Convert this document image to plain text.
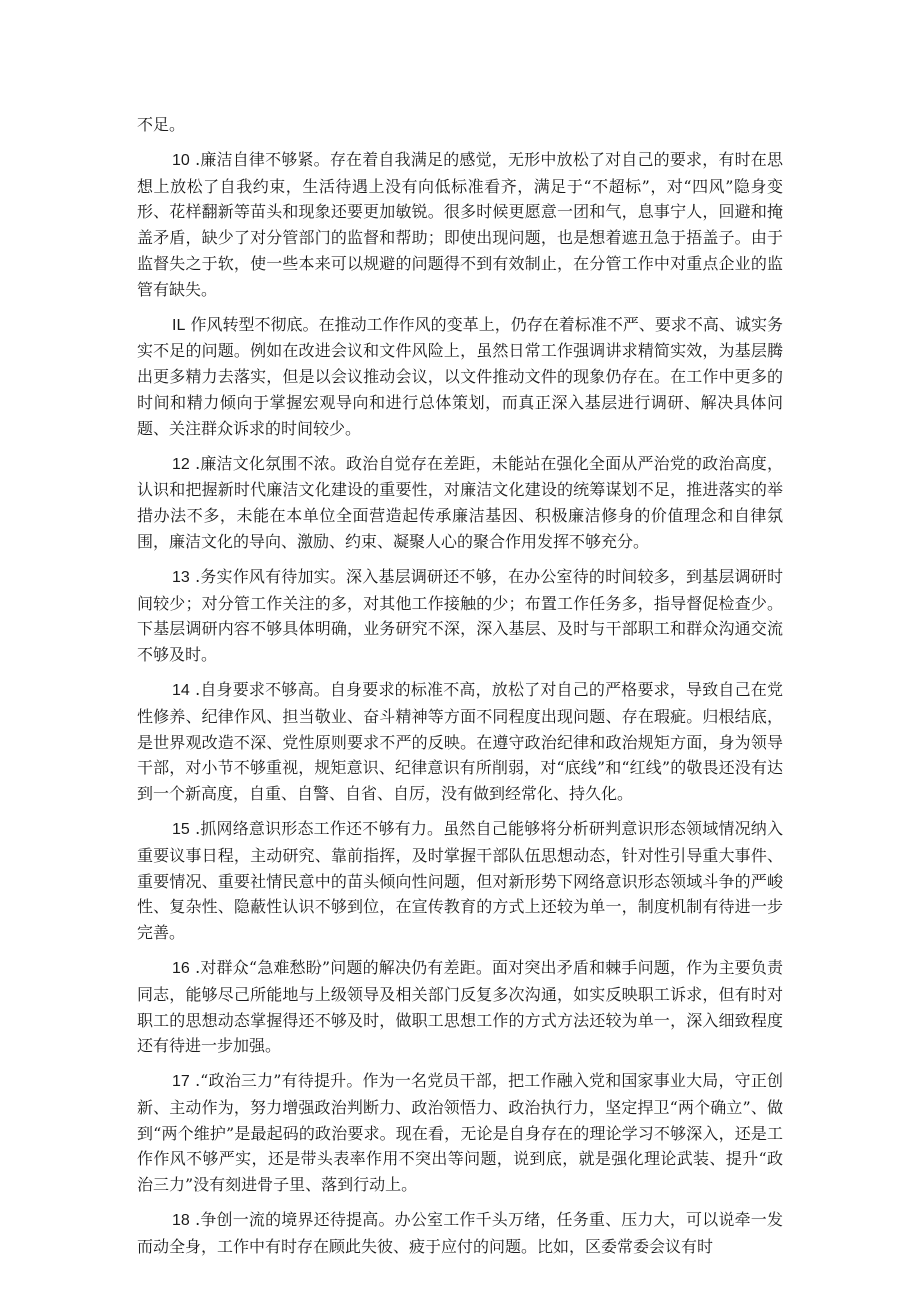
不足。

10 .廉洁自律不够紧。存在着自我满足的感觉，无形中放松了对自己的要求，有时在思想上放松了自我约束，生活待遇上没有向低标准看齐，满足于“不超标”，对“四风”隐身变形、花样翻新等苗头和现象还要更加敏锐。很多时候更愿意一团和气，息事宁人，回避和掩盖矛盾，缺少了对分管部门的监督和帮助；即使出现问题，也是想着遮丑急于捂盖子。由于监督失之于软，使一些本来可以规避的问题得不到有效制止，在分管工作中对重点企业的监管有缺失。

IL 作风转型不彻底。在推动工作作风的变革上，仍存在着标准不严、要求不高、诚实务实不足的问题。例如在改进会议和文件风险上，虽然日常工作强调讲求精简实效，为基层腾出更多精力去落实，但是以会议推动会议，以文件推动文件的现象仍存在。在工作中更多的时间和精力倾向于掌握宏观导向和进行总体策划，而真正深入基层进行调研、解决具体问题、关注群众诉求的时间较少。

12 .廉洁文化氛围不浓。政治自觉存在差距，未能站在强化全面从严治党的政治高度，认识和把握新时代廉洁文化建设的重要性，对廉洁文化建设的统筹谋划不足，推进落实的举措办法不多，未能在本单位全面营造起传承廉洁基因、积极廉洁修身的价值理念和自律氛围，廉洁文化的导向、激励、约束、凝聚人心的聚合作用发挥不够充分。

13 .务实作风有待加实。深入基层调研还不够，在办公室待的时间较多，到基层调研时间较少；对分管工作关注的多，对其他工作接触的少；布置工作任务多，指导督促检查少。下基层调研内容不够具体明确，业务研究不深，深入基层、及时与干部职工和群众沟通交流不够及时。

14 .自身要求不够高。自身要求的标准不高，放松了对自己的严格要求，导致自己在党性修养、纪律作风、担当敬业、奋斗精神等方面不同程度出现问题、存在瑕疵。归根结底，是世界观改造不深、党性原则要求不严的反映。在遵守政治纪律和政治规矩方面，身为领导干部，对小节不够重视，规矩意识、纪律意识有所削弱，对“底线”和“红线”的敬畏还没有达到一个新高度，自重、自警、自省、自厉，没有做到经常化、持久化。

15 .抓网络意识形态工作还不够有力。虽然自己能够将分析研判意识形态领域情况纳入重要议事日程，主动研究、靠前指挥，及时掌握干部队伍思想动态，针对性引导重大事件、重要情况、重要社情民意中的苗头倾向性问题，但对新形势下网络意识形态领域斗争的严峻性、复杂性、隐蔽性认识不够到位，在宣传教育的方式上还较为单一，制度机制有待进一步完善。

16 .对群众“急难愁盼”问题的解决仍有差距。面对突出矛盾和棘手问题，作为主要负责同志，能够尽己所能地与上级领导及相关部门反复多次沟通，如实反映职工诉求，但有时对职工的思想动态掌握得还不够及时，做职工思想工作的方式方法还较为单一，深入细致程度还有待进一步加强。

17 .“政治三力”有待提升。作为一名党员干部，把工作融入党和国家事业大局，守正创新、主动作为，努力增强政治判断力、政治领悟力、政治执行力，坚定捍卫“两个确立”、做到“两个维护”是最起码的政治要求。现在看，无论是自身存在的理论学习不够深入，还是工作作风不够严实，还是带头表率作用不突出等问题，说到底，就是强化理论武装、提升“政治三力”没有刻进骨子里、落到行动上。

18 .争创一流的境界还待提高。办公室工作千头万绪，任务重、压力大，可以说牵一发而动全身，工作中有时存在顾此失彼、疲于应付的问题。比如，区委常委会议有时
